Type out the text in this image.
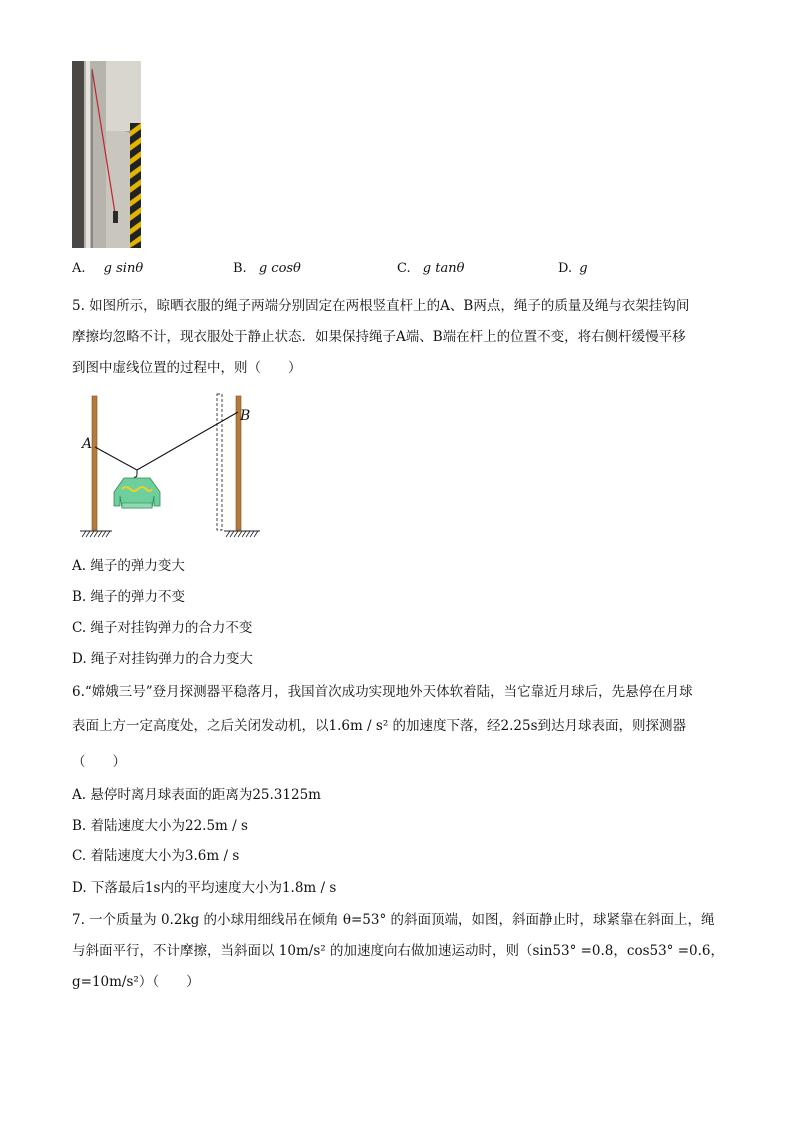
A. g sinθ	B. g cosθ	C. g tanθ	D. g
5. 如图所示，晾晒衣服的绳子两端分别固定在两根竖直杆上的A、B两点，绳子的质量及绳与衣架挂钩间
摩擦均忽略不计，现衣服处于静止状态．如果保持绳子A端、B端在杆上的位置不变，将右侧杆缓慢平移
到图中虚线位置的过程中，则（　　）
A
B
A. 绳子的弹力变大
B. 绳子的弹力不变
C. 绳子对挂钩弹力的合力不变
D. 绳子对挂钩弹力的合力变大
6.“嫦娥三号”登月探测器平稳落月，我国首次成功实现地外天体软着陆，当它靠近月球后，先悬停在月球
表面上方一定高度处，之后关闭发动机，以1.6m / s² 的加速度下落，经2.25s到达月球表面，则探测器
（　　）
A. 悬停时离月球表面的距离为25.3125m
B. 着陆速度大小为22.5m / s
C. 着陆速度大小为3.6m / s
D. 下落最后1s内的平均速度大小为1.8m / s
7. 一个质量为 0.2kg 的小球用细线吊在倾角 θ=53° 的斜面顶端，如图，斜面静止时，球紧靠在斜面上，绳
与斜面平行，不计摩擦，当斜面以 10m/s² 的加速度向右做加速运动时，则（sin53° =0.8，cos53° =0.6，
g=10m/s²）（　　）
